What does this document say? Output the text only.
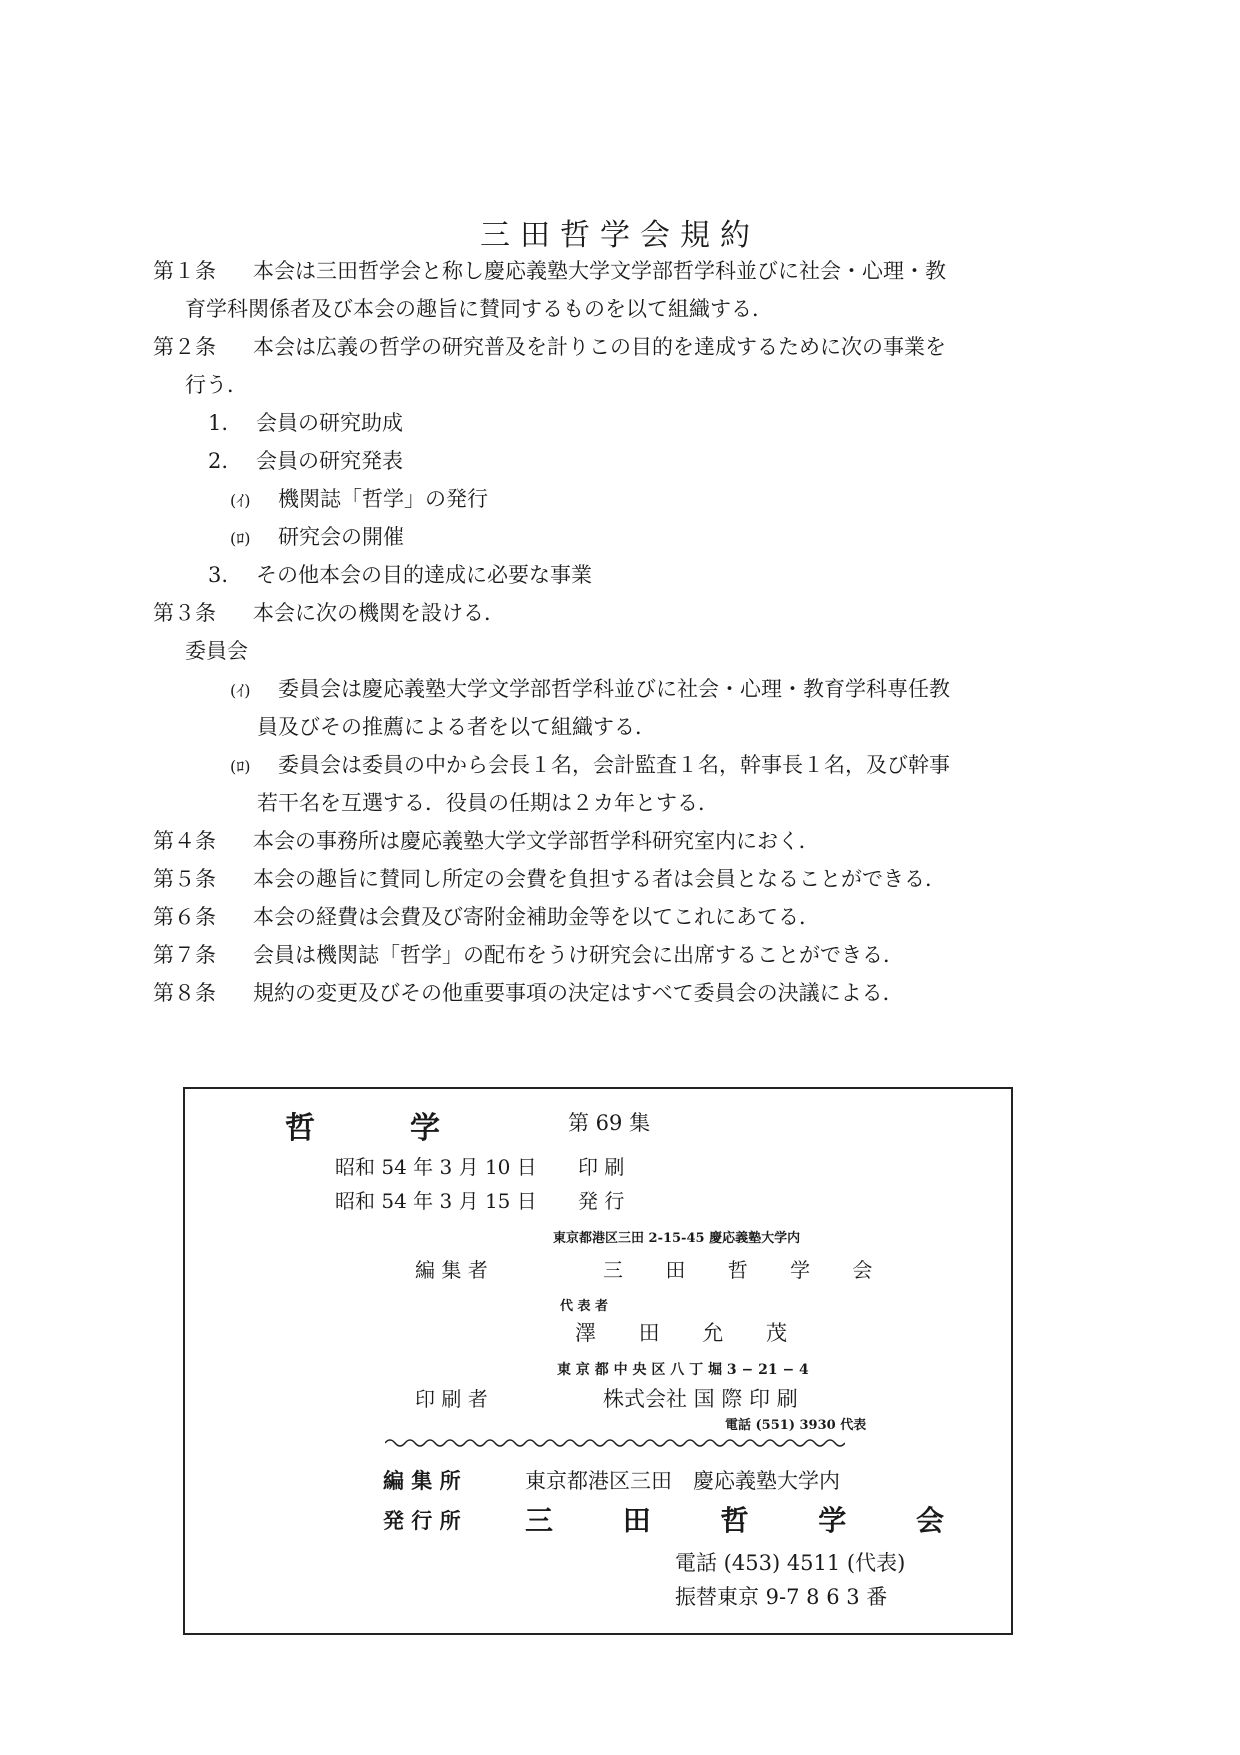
三田哲学会規約
第１条 本会は三田哲学会と称し慶応義塾大学文学部哲学科並びに社会・心理・教
育学科関係者及び本会の趣旨に賛同するものを以て組織する．
第２条 本会は広義の哲学の研究普及を計りこの目的を達成するために次の事業を
行う．
1. 会員の研究助成
2. 会員の研究発表
(ｲ) 機関誌「哲学」の発行
(ﾛ) 研究会の開催
3. その他本会の目的達成に必要な事業
第３条 本会に次の機関を設ける．
委員会
(ｲ) 委員会は慶応義塾大学文学部哲学科並びに社会・心理・教育学科専任教
員及びその推薦による者を以て組織する．
(ﾛ) 委員会は委員の中から会長１名，会計監査１名，幹事長１名，及び幹事
若干名を互選する．役員の任期は２カ年とする．
第４条 本会の事務所は慶応義塾大学文学部哲学科研究室内におく．
第５条 本会の趣旨に賛同し所定の会費を負担する者は会員となることができる．
第６条 本会の経費は会費及び寄附金補助金等を以てこれにあてる．
第７条 会員は機関誌「哲学」の配布をうけ研究会に出席することができる．
第８条 規約の変更及びその他重要事項の決定はすべて委員会の決議による．
哲	学	第 69 集
昭和 54 年 3 月 10 日 印 刷
昭和 54 年 3 月 15 日 発 行
東京都港区三田 2-15-45 慶応義塾大学内
編 集 者	三 田 哲 学 会
代 表 者
澤 田 允 茂
東 京 都 中 央 区 八 丁 堀 3 − 21 − 4
印 刷 者	株式会社 国 際 印 刷
電話 (551) 3930 代表
編 集 所	東京都港区三田　慶応義塾大学内
発 行 所 三 田 哲 学 会
電話 (453) 4511 (代表)
振替東京 9-7 8 6 3 番
